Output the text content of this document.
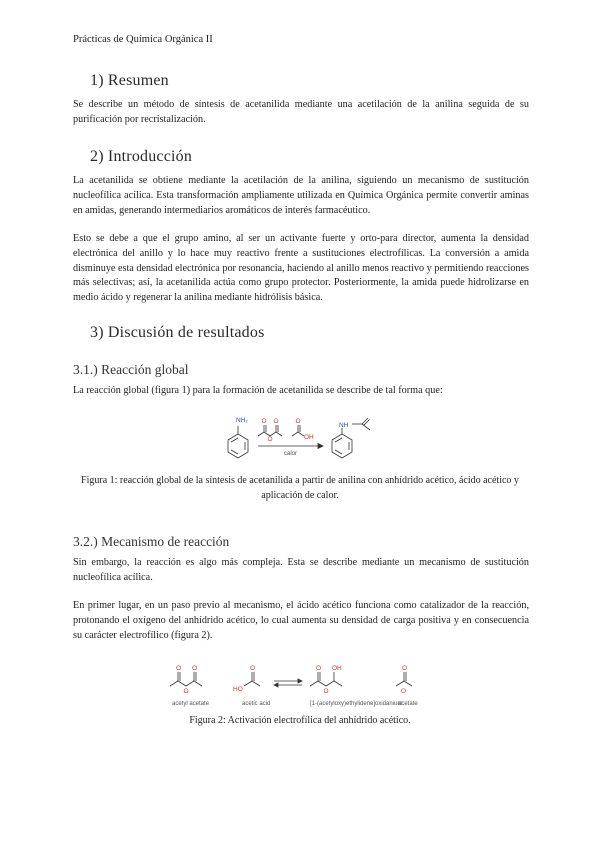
Prácticas de Química Orgánica II
1) Resumen
Se describe un método de síntesis de acetanilida mediante una acetilación de la anilina seguida de su purificación por recristalización.
2) Introducción
La acetanilida se obtiene mediante la acetilación de la anilina, siguiendo un mecanismo de sustitución nucleofílica acílica. Esta transformación ampliamente utilizada en Química Orgánica permite convertir aminas en amidas, generando intermediarios aromáticos de interés farmacéutico.
Esto se debe a que el grupo amino, al ser un activante fuerte y orto-para director, aumenta la densidad electrónica del anillo y lo hace muy reactivo frente a sustituciones electrofílicas. La conversión a amida disminuye esta densidad electrónica por resonancia, haciendo al anillo menos reactivo y permitiendo reacciones más selectivas; así, la acetanilida actúa como grupo protector. Posteriormente, la amida puede hidrolizarse en medio ácido y regenerar la anilina mediante hidrólisis básica.
3) Discusión de resultados
3.1.) Reacción global
La reacción global (figura 1) para la formación de acetanilida se describe de tal forma que:
NH₂ O O
O
O
OH
calor
NH
Figura 1: reacción global de la síntesis de acetanilida a partir de anilina con anhídrido acético, ácido acético y aplicación de calor.
3.2.) Mecanismo de reacción
Sin embargo, la reacción es algo más compleja. Esta se describe mediante un mecanismo de sustitución nucleofílica acílica.
En primer lugar, en un paso previo al mecanismo, el ácido acético funciona como catalizador de la reacción, protonando el oxígeno del anhídrido acético, lo cual aumenta su densidad de carga positiva y en consecuencia su carácter electrofílico (figura 2).
O O
O
O
HO
O OH
O
O
O
acetyl acetate	acetic acid	[1-(acetyloxy)ethylidene]oxidanium
acetate
Figura 2: Activación electrofílica del anhídrido acético.
